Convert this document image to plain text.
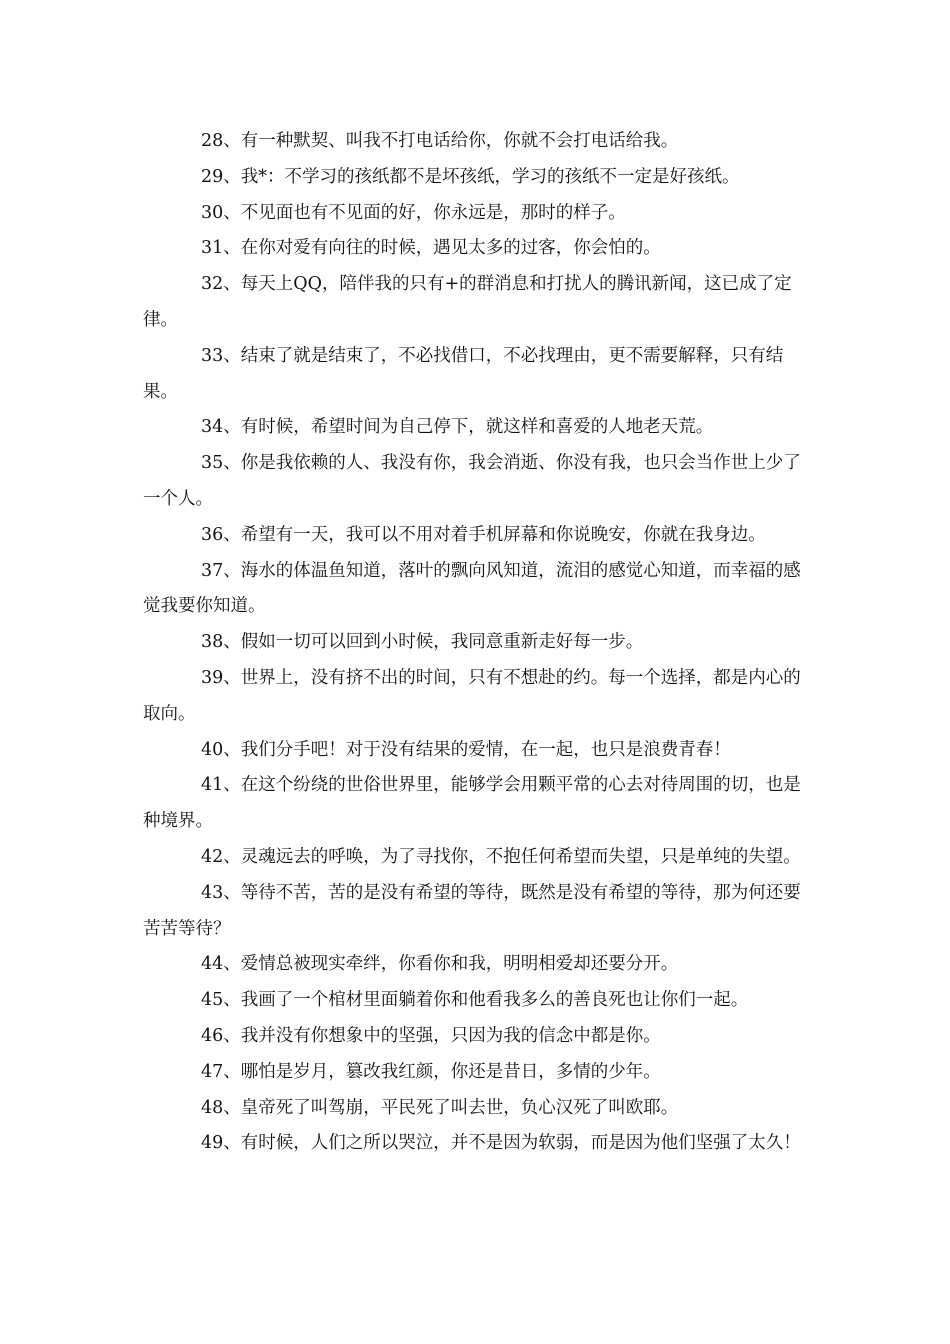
28、有一种默契、叫我不打电话给你，你就不会打电话给我。

29、我*：不学习的孩纸都不是坏孩纸，学习的孩纸不一定是好孩纸。

30、不见面也有不见面的好，你永远是，那时的样子。

31、在你对爱有向往的时候，遇见太多的过客，你会怕的。

32、每天上QQ，陪伴我的只有+的群消息和打扰人的腾讯新闻，这已成了定律。

33、结束了就是结束了，不必找借口，不必找理由，更不需要解释，只有结果。

34、有时候，希望时间为自己停下，就这样和喜爱的人地老天荒。

35、你是我依赖的人、我没有你，我会消逝、你没有我，也只会当作世上少了一个人。

36、希望有一天，我可以不用对着手机屏幕和你说晚安，你就在我身边。

37、海水的体温鱼知道，落叶的飘向风知道，流泪的感觉心知道，而幸福的感觉我要你知道。

38、假如一切可以回到小时候，我同意重新走好每一步。

39、世界上，没有挤不出的时间，只有不想赴的约。每一个选择，都是内心的取向。

40、我们分手吧！对于没有结果的爱情，在一起，也只是浪费青春！

41、在这个纷绕的世俗世界里，能够学会用颗平常的心去对待周围的切，也是种境界。

42、灵魂远去的呼唤，为了寻找你，不抱任何希望而失望，只是单纯的失望。

43、等待不苦，苦的是没有希望的等待，既然是没有希望的等待，那为何还要苦苦等待？

44、爱情总被现实牵绊，你看你和我，明明相爱却还要分开。

45、我画了一个棺材里面躺着你和他看我多么的善良死也让你们一起。

46、我并没有你想象中的坚强，只因为我的信念中都是你。

47、哪怕是岁月，篡改我红颜，你还是昔日，多情的少年。

48、皇帝死了叫驾崩，平民死了叫去世，负心汉死了叫欧耶。

49、有时候，人们之所以哭泣，并不是因为软弱，而是因为他们坚强了太久！
